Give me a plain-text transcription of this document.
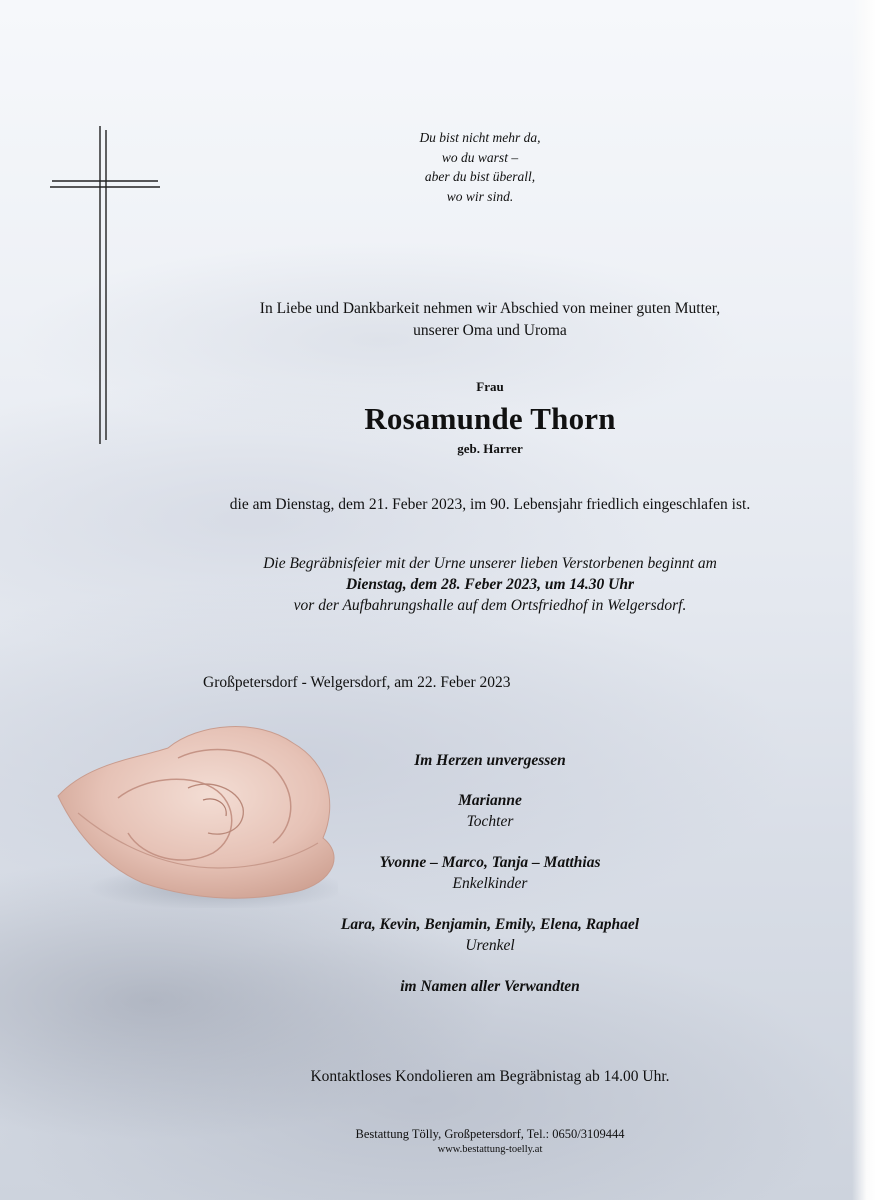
Du bist nicht mehr da,
wo du warst –
aber du bist überall,
wo wir sind.
In Liebe und Dankbarkeit nehmen wir Abschied von meiner guten Mutter,
unserer Oma und Uroma
Frau
Rosamunde Thorn
geb. Harrer
die am Dienstag, dem 21. Feber 2023, im 90. Lebensjahr friedlich eingeschlafen ist.
Die Begräbnisfeier mit der Urne unserer lieben Verstorbenen beginnt am
Dienstag, dem 28. Feber 2023, um 14.30 Uhr
vor der Aufbahrungshalle auf dem Ortsfriedhof in Welgersdorf.
Großpetersdorf - Welgersdorf, am 22. Feber 2023
Im Herzen unvergessen
Marianne
Tochter
Yvonne – Marco, Tanja – Matthias
Enkelkinder
Lara, Kevin, Benjamin, Emily, Elena, Raphael
Urenkel
im Namen aller Verwandten
Kontaktloses Kondolieren am Begräbnistag ab 14.00 Uhr.
Bestattung Tölly, Großpetersdorf, Tel.: 0650/3109444
www.bestattung-toelly.at
